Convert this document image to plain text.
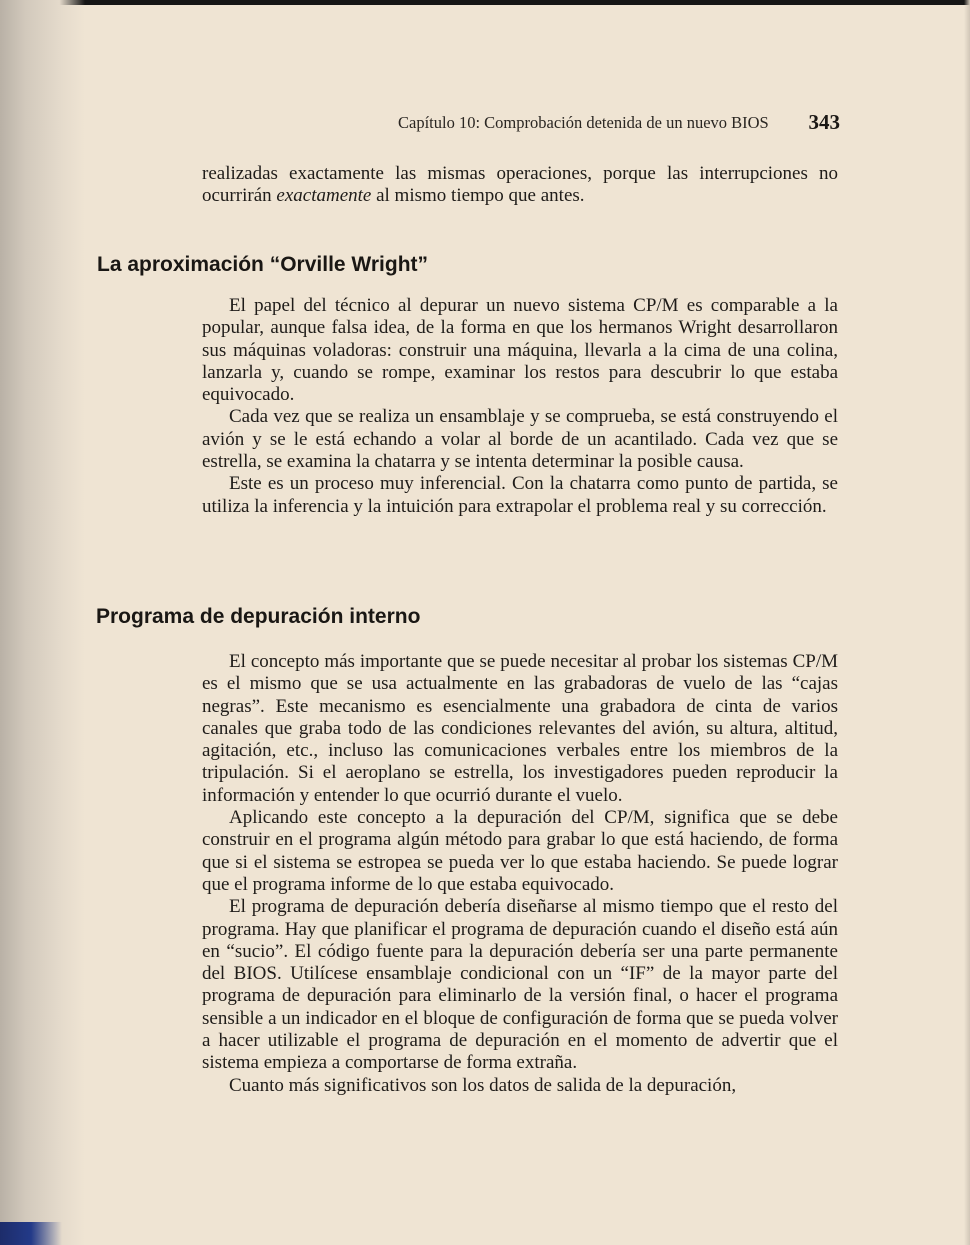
Capítulo 10: Comprobación detenida de un nuevo BIOS 343

realizadas exactamente las mismas operaciones, porque las interrupciones no ocurrirán exactamente al mismo tiempo que antes.

La aproximación “Orville Wright”

El papel del técnico al depurar un nuevo sistema CP/M es comparable a la popular, aunque falsa idea, de la forma en que los hermanos Wright desarrollaron sus máquinas voladoras: construir una máquina, llevarla a la cima de una colina, lanzarla y, cuando se rompe, examinar los restos para descubrir lo que estaba equivocado.

Cada vez que se realiza un ensamblaje y se comprueba, se está construyendo el avión y se le está echando a volar al borde de un acantilado. Cada vez que se estrella, se examina la chatarra y se intenta determinar la posible causa.

Este es un proceso muy inferencial. Con la chatarra como punto de partida, se utiliza la inferencia y la intuición para extrapolar el problema real y su corrección.

Programa de depuración interno

El concepto más importante que se puede necesitar al probar los sistemas CP/M es el mismo que se usa actualmente en las grabadoras de vuelo de las “cajas negras”. Este mecanismo es esencialmente una grabadora de cinta de varios canales que graba todo de las condiciones relevantes del avión, su altura, altitud, agitación, etc., incluso las comunicaciones verbales entre los miembros de la tripulación. Si el aeroplano se estrella, los investigadores pueden reproducir la información y entender lo que ocurrió durante el vuelo.

Aplicando este concepto a la depuración del CP/M, significa que se debe construir en el programa algún método para grabar lo que está haciendo, de forma que si el sistema se estropea se pueda ver lo que estaba haciendo. Se puede lograr que el programa informe de lo que estaba equivocado.

El programa de depuración debería diseñarse al mismo tiempo que el resto del programa. Hay que planificar el programa de depuración cuando el diseño está aún en “sucio”. El código fuente para la depuración debería ser una parte permanente del BIOS. Utilícese ensamblaje condicional con un “IF” de la mayor parte del programa de depuración para eliminarlo de la versión final, o hacer el programa sensible a un indicador en el bloque de configuración de forma que se pueda volver a hacer utilizable el programa de depuración en el momento de advertir que el sistema empieza a comportarse de forma extraña.

Cuanto más significativos son los datos de salida de la depuración,
